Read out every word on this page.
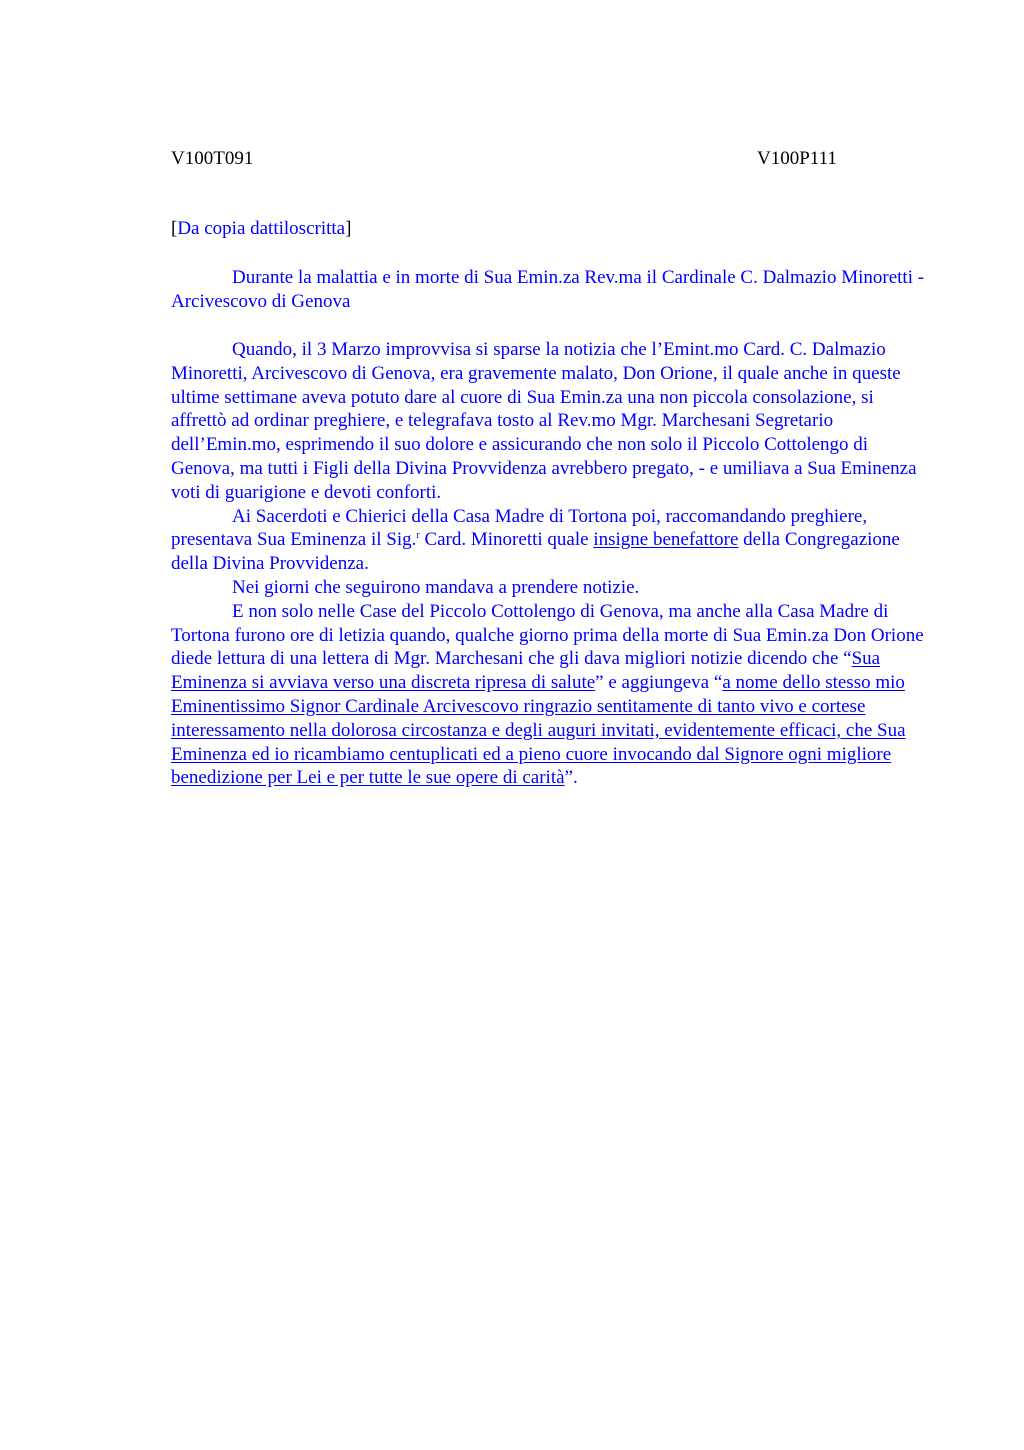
V100T091	V100P111

[Da copia dattiloscritta]

Durante la malattia e in morte di Sua Emin.za Rev.ma il Cardinale C. Dalmazio Minoretti - Arcivescovo di Genova

Quando, il 3 Marzo improvvisa si sparse la notizia che l’Emint.mo Card. C. Dalmazio Minoretti, Arcivescovo di Genova, era gravemente malato, Don Orione, il quale anche in queste ultime settimane aveva potuto dare al cuore di Sua Emin.za una non piccola consolazione, si affrettò ad ordinar preghiere, e telegrafava tosto al Rev.mo Mgr. Marchesani Segretario dell’Emin.mo, esprimendo il suo dolore e assicurando che non solo il Piccolo Cottolengo di Genova, ma tutti i Figli della Divina Provvidenza avrebbero pregato, - e umiliava a Sua Eminenza voti di guarigione e devoti conforti.

Ai Sacerdoti e Chierici della Casa Madre di Tortona poi, raccomandando preghiere, presentava Sua Eminenza il Sig.$^r$ Card. Minoretti quale insigne benefattore della Congregazione della Divina Provvidenza.

Nei giorni che seguirono mandava a prendere notizie.

E non solo nelle Case del Piccolo Cottolengo di Genova, ma anche alla Casa Madre di Tortona furono ore di letizia quando, qualche giorno prima della morte di Sua Emin.za Don Orione diede lettura di una lettera di Mgr. Marchesani che gli dava migliori notizie dicendo che “Sua Eminenza si avviava verso una discreta ripresa di salute” e aggiungeva “a nome dello stesso mio Eminentissimo Signor Cardinale Arcivescovo ringrazio sentitamente di tanto vivo e cortese interessamento nella dolorosa circostanza e degli auguri invitati, evidentemente efficaci, che Sua Eminenza ed io ricambiamo centuplicati ed a pieno cuore invocando dal Signore ogni migliore benedizione per Lei e per tutte le sue opere di carità”.
